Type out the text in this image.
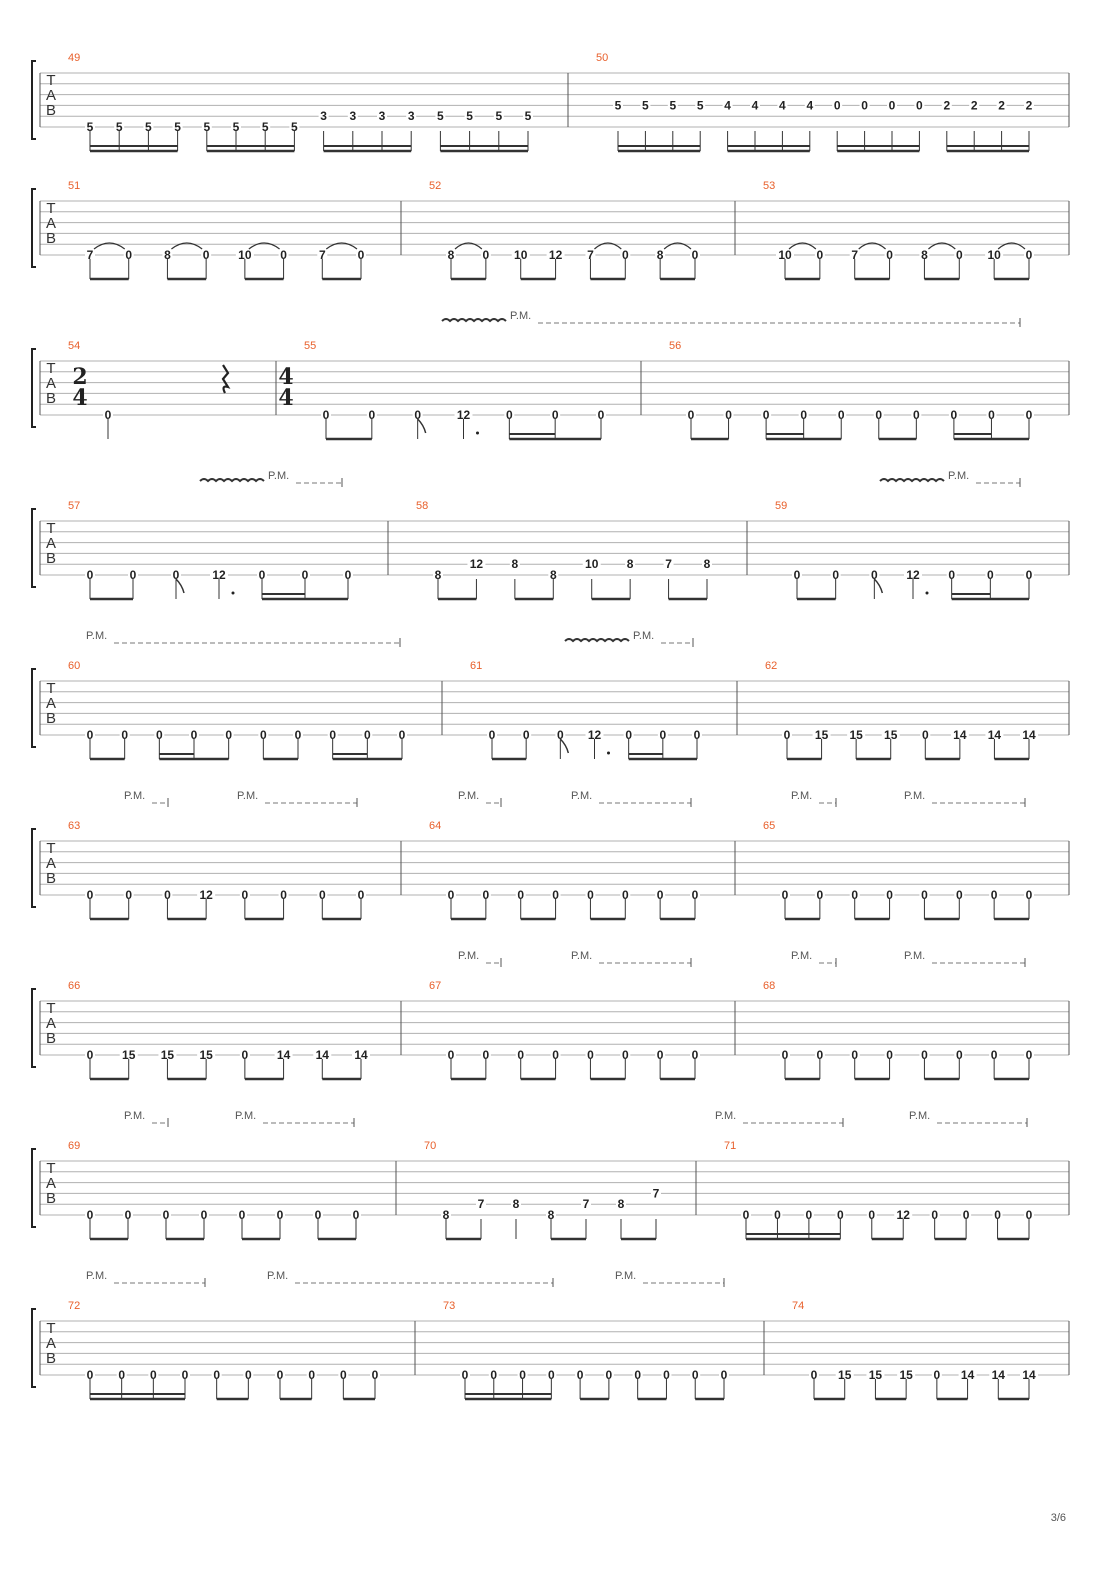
T
A
B
49
5 5 5 5 5 5 5 5
3 3 3 3 5 5 5 5
50
5 5 5 5 4 4 4 4 0 0 0 0 2 2 2 2
T
A
B
51
7	0	8	0 10 0	7	0
52
8 0 10 12 7 0 8 0
53
10 0 7 0 8 0 10 0
T
A
B
P.M.
54
2
4
0
55
4
4
0	0	0	12	0	0	0
56
0	0	0	0	0	0	0	0	0	0
T
A
B
P.M.	P.M.
57
0	0	0	12	0	0	0
58
8
12 8
8
10 8	7	8
59
0	0	0 12 0	0	0
T
A
B
P.M.	P.M.
60
0 0 0 0 0 0 0 0 0 0
61
0 0 0 12 0 0 0
62
0 15 15 15 0 14 14 14
T
A
B
P.M.	P.M.	P.M.	P.M.	P.M.	P.M.
63
0	0	0 12 0	0	0	0
64
0 0 0 0 0 0 0 0
65
0 0 0 0 0 0 0 0
T
A
B
P.M.	P.M.	P.M.	P.M.
66
0 15 15 15 0 14 14 14
67
0 0 0 0 0 0 0 0
68
0 0 0 0 0 0 0 0
T
A
B
P.M.	P.M.	P.M.	P.M.
69
0	0	0	0	0	0	0	0
70
8
7 8
8
7 8
7
71
0 0 0 0 0 12 0 0 0 0
T
A
B
P.M.	P.M.	P.M.
72
0 0 0 0 0 0 0 0 0 0
73
0 0 0 0 0 0 0 0 0 0
74
0 15 15 15 0 14 14 14
3/6
